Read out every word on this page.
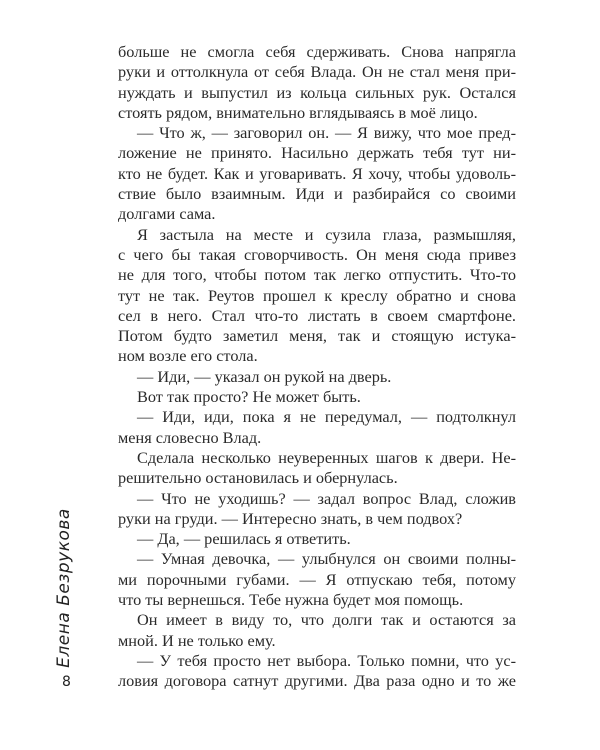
больше не смогла себя сдерживать. Снова напрягла
руки и оттолкнула от себя Влада. Он не стал меня при-
нуждать и выпустил из кольца сильных рук. Остался
стоять рядом, внимательно вглядываясь в моё лицо.
— Что ж, — заговорил он. — Я вижу, что мое пред-
ложение не принято. Насильно держать тебя тут ни-
кто не будет. Как и уговаривать. Я хочу, чтобы удоволь-
ствие было взаимным. Иди и разбирайся со своими
долгами сама.
Я застыла на месте и сузила глаза, размышляя,
с чего бы такая сговорчивость. Он меня сюда привез
не для того, чтобы потом так легко отпустить. Что-то
тут не так. Реутов прошел к креслу обратно и снова
сел в него. Стал что-то листать в своем смартфоне.
Потом будто заметил меня, так и стоящую истука-
ном возле его стола.
— Иди, — указал он рукой на дверь.
Вот так просто? Не может быть.
— Иди, иди, пока я не передумал, — подтолкнул
меня словесно Влад.
Сделала несколько неуверенных шагов к двери. Не-
решительно остановилась и обернулась.
— Что не уходишь? — задал вопрос Влад, сложив
руки на груди. — Интересно знать, в чем подвох?
— Да, — решилась я ответить.
— Умная девочка, — улыбнулся он своими полны-
ми порочными губами. — Я отпускаю тебя, потому
что ты вернешься. Тебе нужна будет моя помощь.
Он имеет в виду то, что долги так и остаются за
мной. И не только ему.
— У тебя просто нет выбора. Только помни, что ус-
ловия договора сатнут другими. Два раза одно и то же
Елена Безрукова
8
